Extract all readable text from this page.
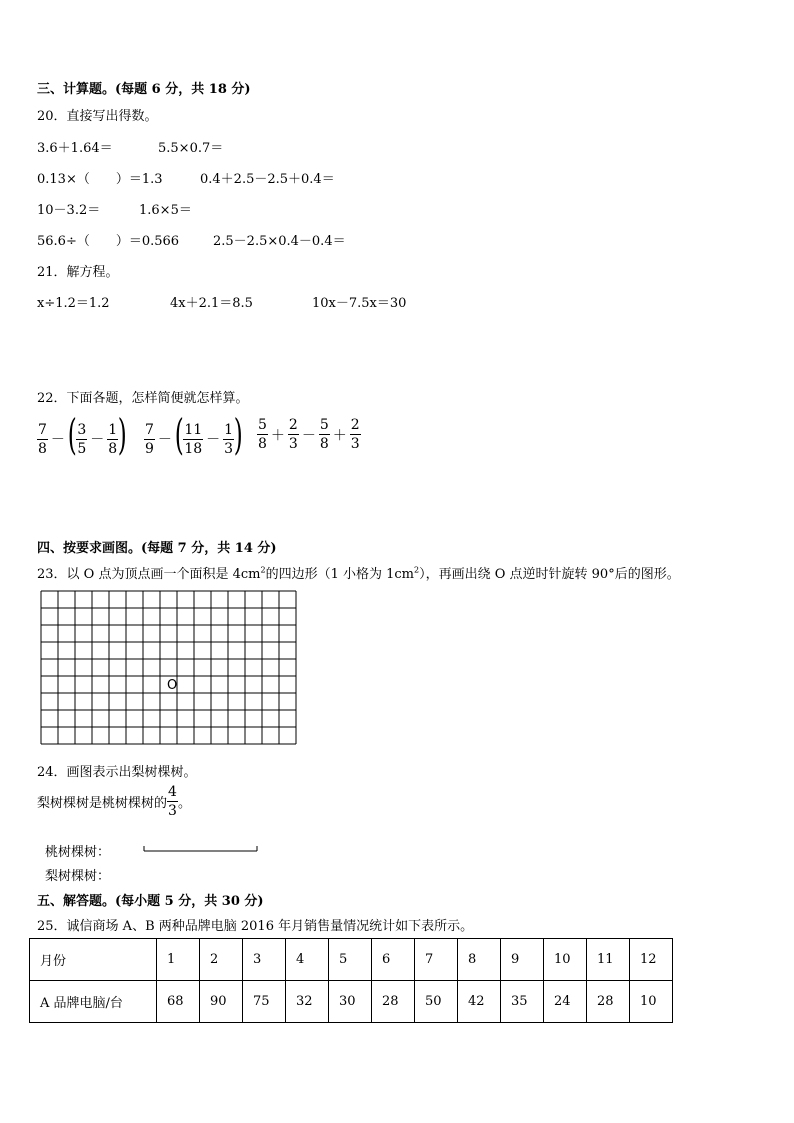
三、计算题。(每题 6 分，共 18 分)
20．直接写出得数。
3.6＋1.64＝	5.5×0.7＝
0.13×（　　）＝1.3	0.4＋2.5－2.5＋0.4＝
10－3.2＝	1.6×5＝
56.6÷（　　）＝0.566	2.5－2.5×0.4－0.4＝
21．解方程。
x÷1.2＝1.2	4x＋2.1＝8.5	10x－7.5x＝30
22．下面各题，怎样简便就怎样算。
$\frac{7}{8}$ －( $\frac{3}{5} - \frac{1}{8}$ ) $\frac{7}{9}$ －( $\frac{11}{18} - \frac{1}{3}$ ) $\frac{5}{8} + \frac{2}{3} - \frac{5}{8} + \frac{2}{3}$
四、按要求画图。(每题 7 分，共 14 分)
23．以 O 点为顶点画一个面积是 $4cm^2$的四边形（1 小格为 $1cm^2$），再画出绕 O 点逆时针旋转 90°后的图形。
O
24．画图表示出梨树棵树。
梨树棵树是桃树棵树的 $\frac{4}{3}$ 。
桃树棵树：
梨树棵树：
五、解答题。(每小题 5 分，共 30 分)
25．诚信商场 A、B 两种品牌电脑 2016 年月销售量情况统计如下表所示。
月份	1	2	3	4	5	6	7	8	9	10	11	12
A 品牌电脑/台	68	90	75	32	30	28	50	42	35	24	28	10
